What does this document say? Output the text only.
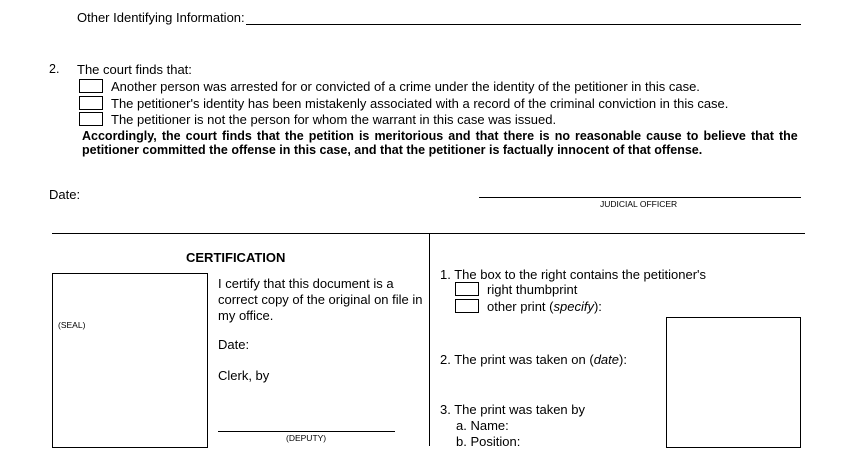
Other Identifying Information:
2. The court finds that:
Another person was arrested for or convicted of a crime under the identity of the petitioner in this case.
The petitioner's identity has been mistakenly associated with a record of the criminal conviction in this case.
The petitioner is not the person for whom the warrant in this case was issued.
Accordingly, the court finds that the petition is meritorious and that there is no reasonable cause to believe that the
petitioner committed the offense in this case, and that the petitioner is factually innocent of that offense.
Date:
JUDICIAL OFFICER
CERTIFICATION
(SEAL)
I certify that this document is a
correct copy of the original on file in
my office.
Date:
Clerk, by
(DEPUTY)
1. The box to the right contains the petitioner's
right thumbprint
other print (specify):
2. The print was taken on (date):
3. The print was taken by
a. Name:
b. Position:
